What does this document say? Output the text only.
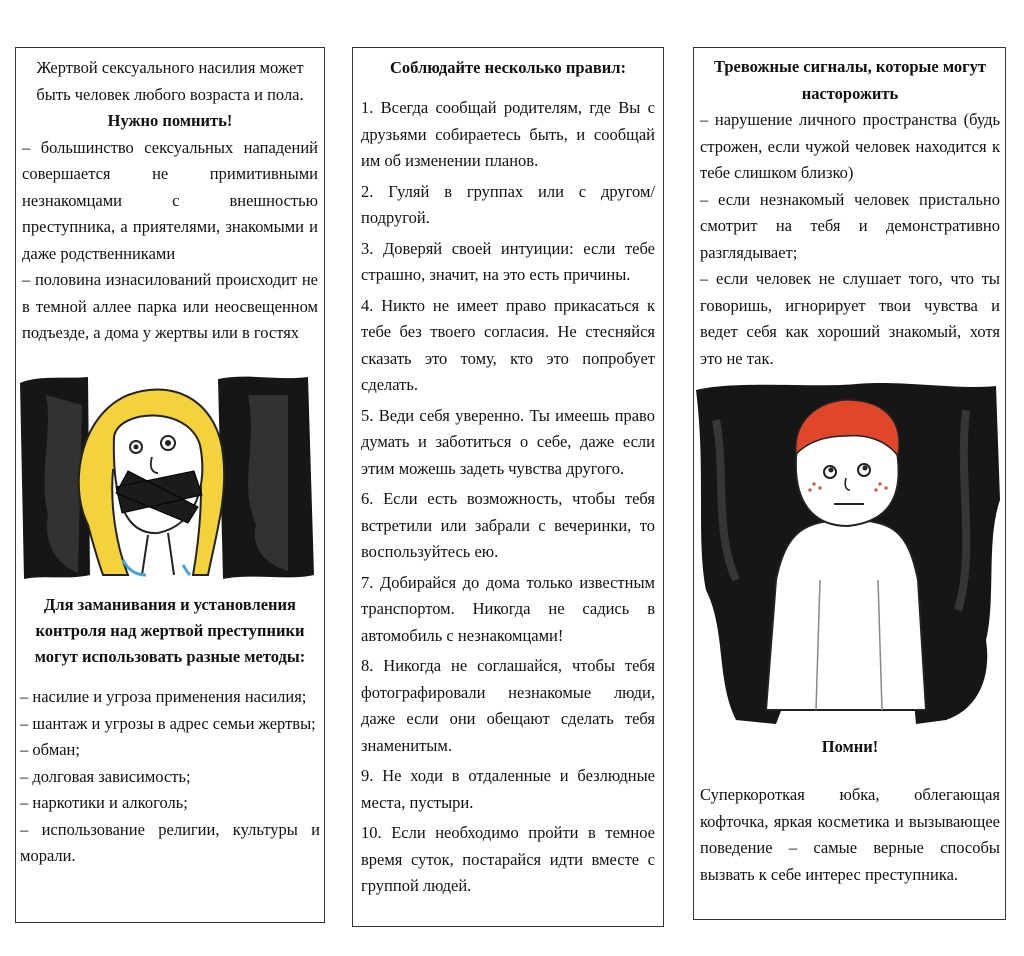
Жертвой сексуального насилия может быть человек любого возраста и пола.

Нужно помнить!

– большинство сексуальных нападений совершается не примитивными незнакомцами с внешностью преступника, а приятелями, знакомыми и даже родственниками

– половина изнасилований происходит не в темной аллее парка или неосвещенном подъезде, а дома у жертвы или в гостях

Для заманивания и установления контроля над жертвой преступники могут использовать разные методы:

– насилие и угроза применения насилия;

– шантаж и угрозы в адрес семьи жертвы;

– обман;

– долговая зависимость;

– наркотики и алкоголь;

– использование религии, культуры и морали.

Соблюдайте несколько правил:

1. Всегда сообщай родителям, где Вы с друзьями собираетесь быть, и сообщай им об изменении планов.

2. Гуляй в группах или с другом/подругой.

3. Доверяй своей интуиции: если тебе страшно, значит, на это есть причины.

4. Никто не имеет право прикасаться к тебе без твоего согласия. Не стесняйся сказать это тому, кто это попробует сделать.

5. Веди себя уверенно. Ты имеешь право думать и заботиться о себе, даже если этим можешь задеть чувства другого.

6. Если есть возможность, чтобы тебя встретили или забрали с вечеринки, то воспользуйтесь ею.

7. Добирайся до дома только известным транспортом. Никогда не садись в автомобиль с незнакомцами!

8. Никогда не соглашайся, чтобы тебя фотографировали незнакомые люди, даже если они обещают сделать тебя знаменитым.

9. Не ходи в отдаленные и безлюдные места, пустыри.

10. Если необходимо пройти в темное время суток, постарайся идти вместе с группой людей.

Тревожные сигналы, которые могут насторожить

– нарушение личного пространства (будь строжен, если чужой человек находится к тебе слишком близко)

– если незнакомый человек пристально смотрит на тебя и демонстративно разглядывает;

– если человек не слушает того, что ты говоришь, игнорирует твои чувства и ведет себя как хороший знакомый, хотя это не так.

Помни!
Суперкороткая юбка, облегающая кофточка, яркая косметика и вызывающее поведение – самые верные способы вызвать к себе интерес преступника.
